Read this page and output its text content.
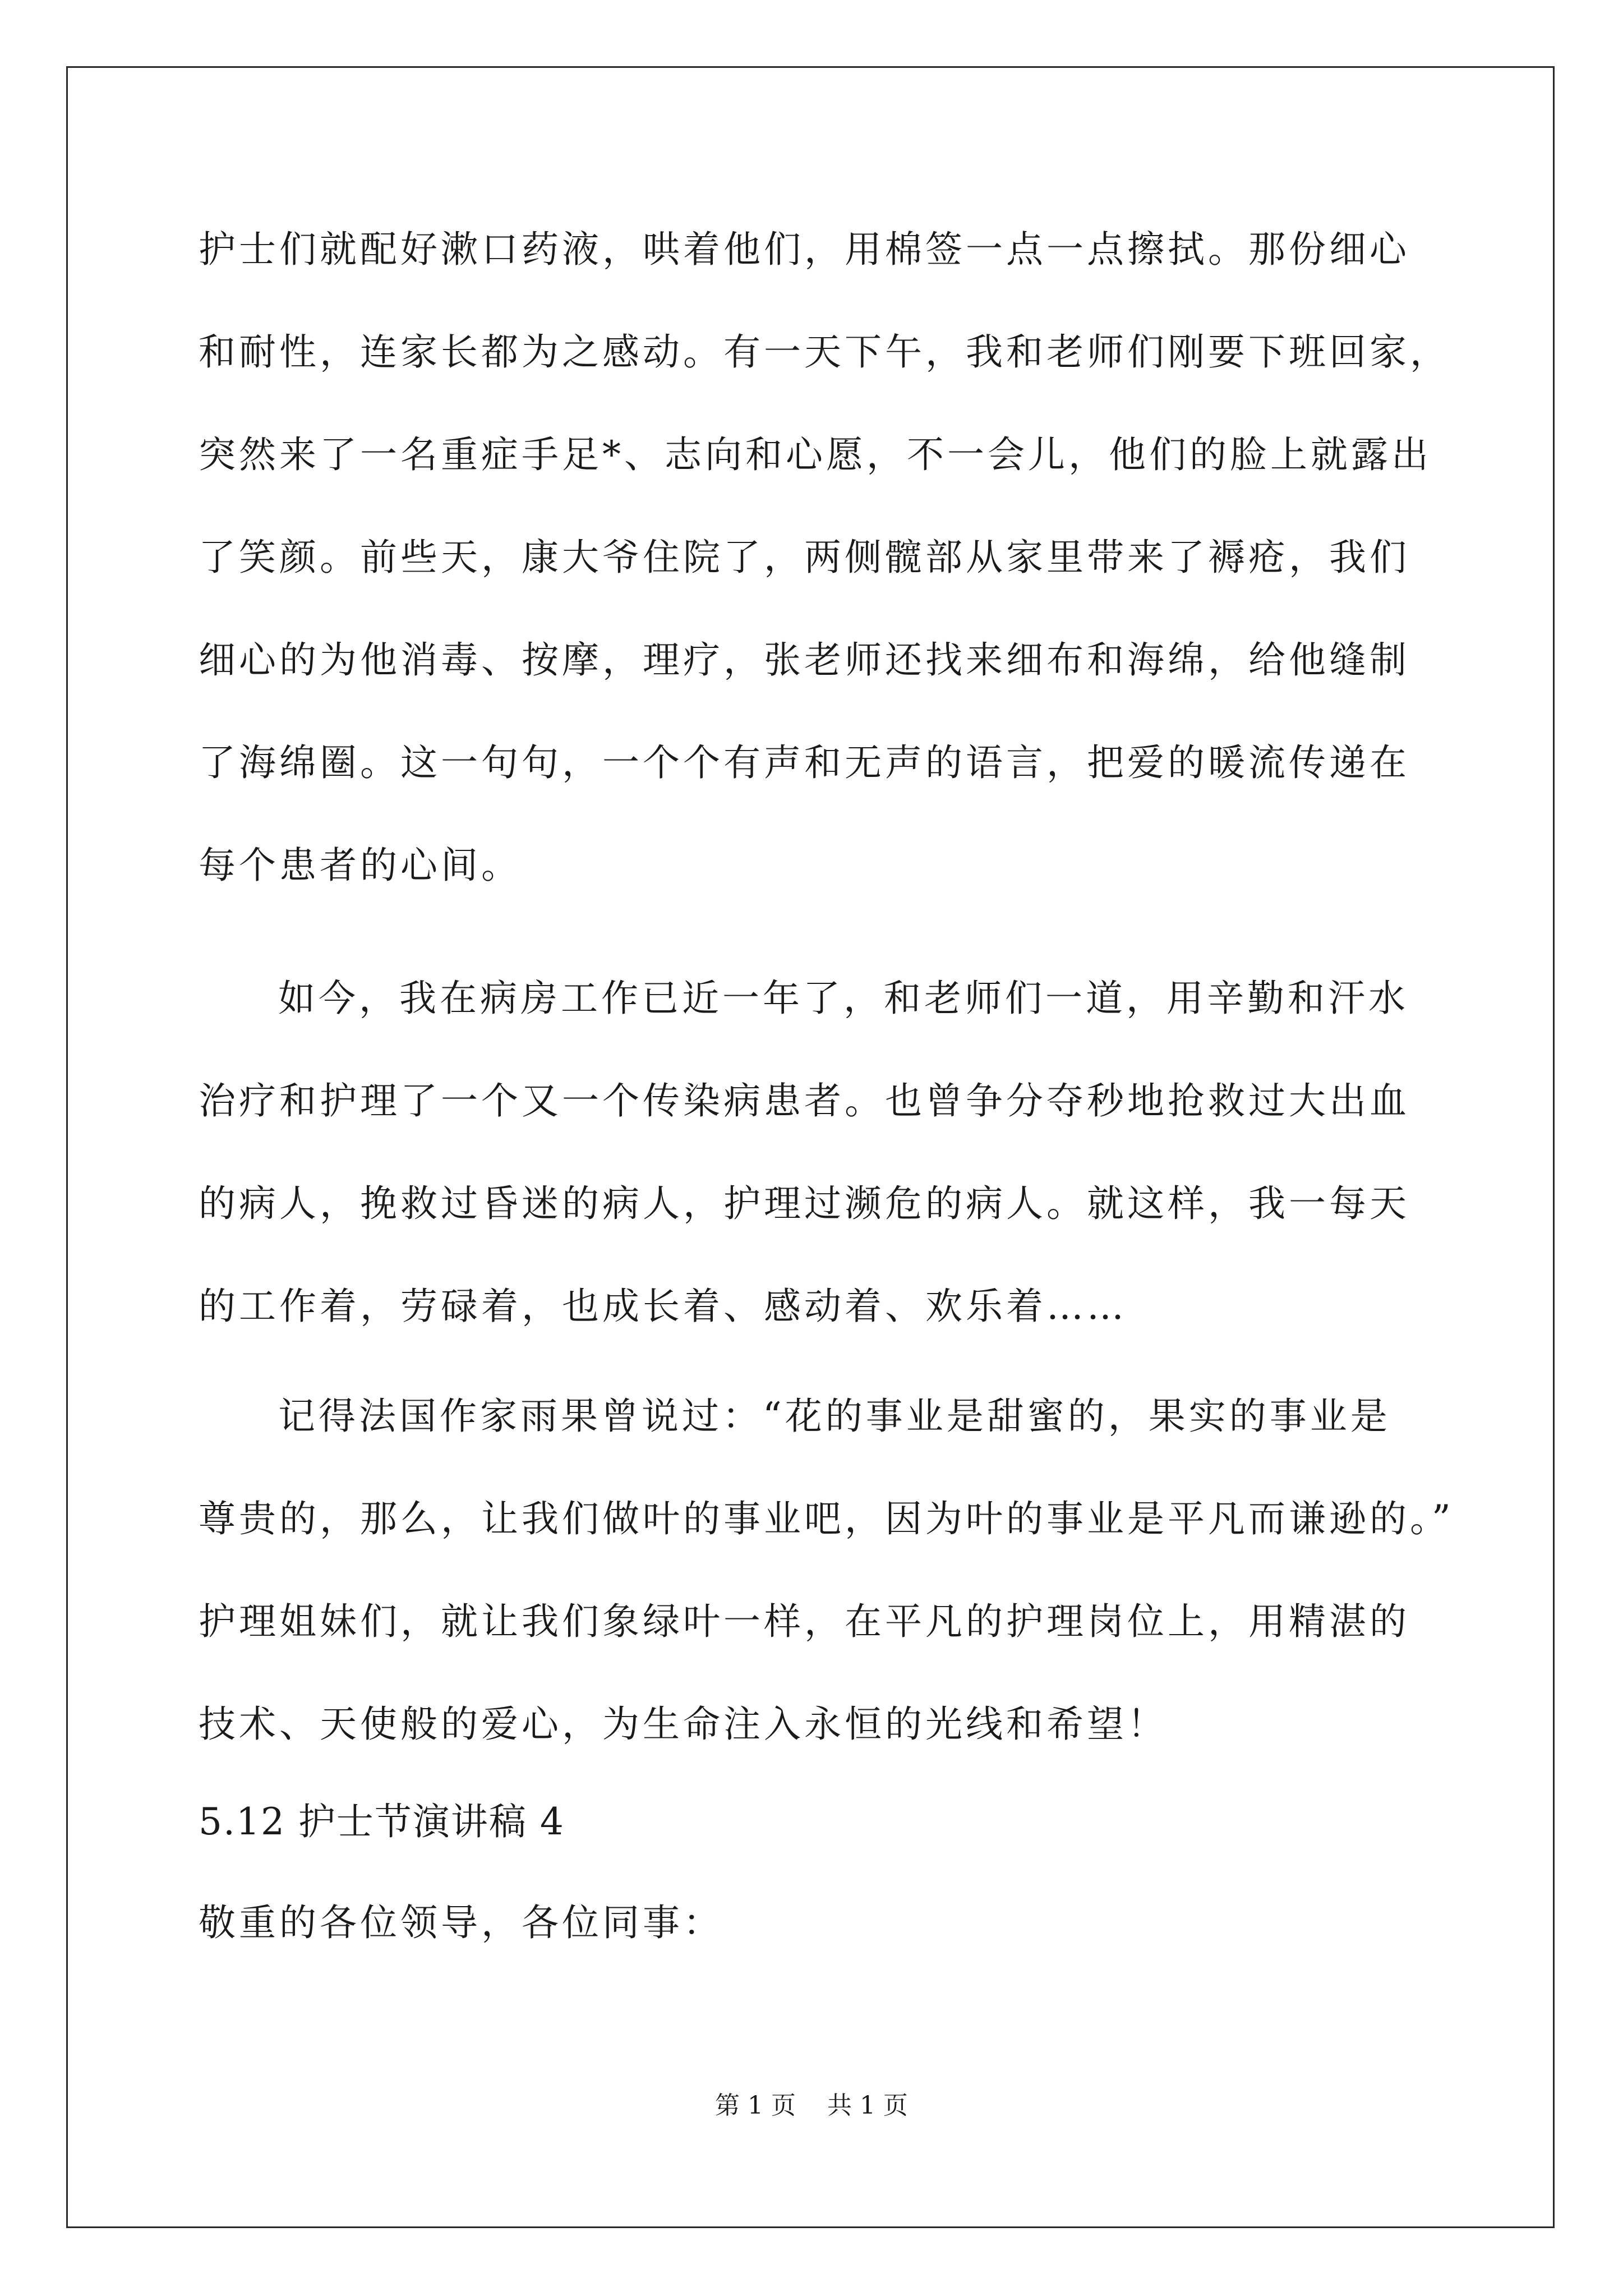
护士们就配好漱口药液，哄着他们，用棉签一点一点擦拭。那份细心
和耐性，连家长都为之感动。有一天下午，我和老师们刚要下班回家，
突然来了一名重症手足*、志向和心愿，不一会儿，他们的脸上就露出
了笑颜。前些天，康大爷住院了，两侧髋部从家里带来了褥疮，我们
细心的为他消毒、按摩，理疗，张老师还找来细布和海绵，给他缝制
了海绵圈。这一句句，一个个有声和无声的语言，把爱的暖流传递在
每个患者的心间。
如今，我在病房工作已近一年了，和老师们一道，用辛勤和汗水
治疗和护理了一个又一个传染病患者。也曾争分夺秒地抢救过大出血
的病人，挽救过昏迷的病人，护理过濒危的病人。就这样，我一每天
的工作着，劳碌着，也成长着、感动着、欢乐着……
记得法国作家雨果曾说过：“花的事业是甜蜜的，果实的事业是
尊贵的，那么，让我们做叶的事业吧，因为叶的事业是平凡而谦逊的。”
护理姐妹们，就让我们象绿叶一样，在平凡的护理岗位上，用精湛的
技术、天使般的爱心，为生命注入永恒的光线和希望！
5.12 护士节演讲稿 4
敬重的各位领导，各位同事：
第 1 页    共 1 页
